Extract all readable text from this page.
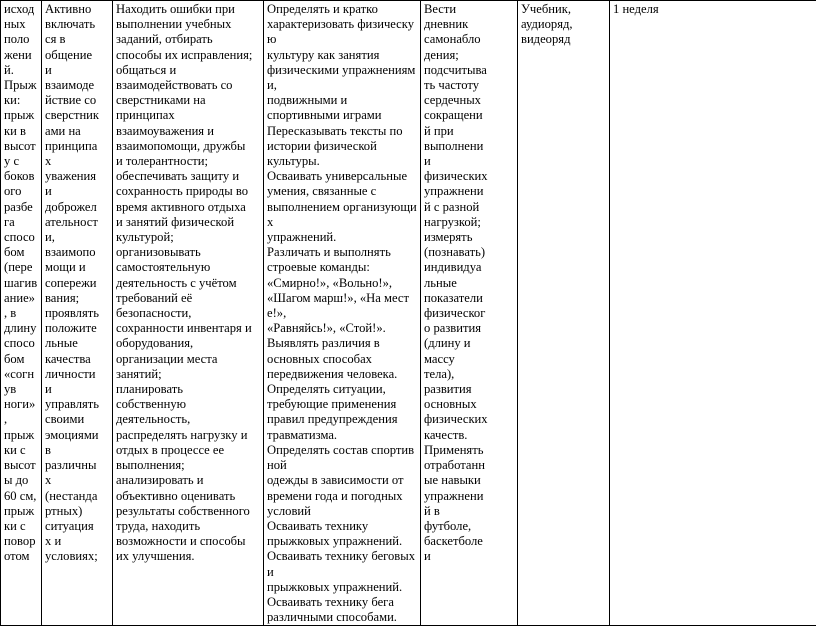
исход
ных
поло
жени
й.
Прыж
ки:
прыж
ки в
высот
у с
боков
ого
разбе
га
спосо
бом
(пере
шагив
ание»
, в
длину
спосо
бом
«согн
ув
ноги»
,
прыж
ки с
высот
ы до
60 см,
прыж
ки с
повор
отом

Активно
включать
ся в
общение
и
взаимоде
йствие со
сверстник
ами на
принципа
х
уважения
и
доброжел
ательност
и,
взаимопо
мощи и
сопережи
вания;
проявлять
положите
льные
качества
личности
и
управлять
своими
эмоциями
в
различны
х
(нестанда
ртных)
ситуация
х и
условиях;

Находить ошибки при
выполнении учебных
заданий, отбирать
способы их исправления;
общаться и
взаимодействовать со
сверстниками на
принципах
взаимоуважения и
взаимопомощи, дружбы
и толерантности;
обеспечивать защиту и
сохранность природы во
время активного отдыха
и занятий физической
культурой;
организовывать
самостоятельную
деятельность с учётом
требований её
безопасности,
сохранности инвентаря и
оборудования,
организации места
занятий;
планировать
собственную
деятельность,
распределять нагрузку и
отдых в процессе ее
выполнения;
анализировать и
объективно оценивать
результаты собственного
труда, находить
возможности и способы
их улучшения.

Определять и кратко
характеризовать физическую
культуру как занятия
физическими упражнениями,
подвижными и
спортивными играми
Пересказывать тексты по
истории физической
культуры.
Осваивать универсальные
умения, связанные с
выполнением организующих
упражнений.
Различать и выполнять
строевые команды:
«Смирно!», «Вольно!»,
«Шагом марш!», «На месте!»,
«Равняйсь!», «Стой!».
Выявлять различия в
основных способах
передвижения человека.
Определять ситуации,
требующие применения
правил предупреждения
травматизма.
Определять состав спортивной
одежды в зависимости от
времени года и погодных
условий
Осваивать технику
прыжковых упражнений.
Осваивать технику беговых и
прыжковых упражнений.
Осваивать технику бега
различными способами.

Вести
дневник
самонабло
дения;
подсчитыва
ть частоту
сердечных
сокращени
й при
выполнени
и
физических
упражнени
й с разной
нагрузкой;
измерять
(познавать)
индивидуа
льные
показатели
физическог
о развития
(длину и
массу
тела),
развития
основных
физических
качеств.
Применять
отработанн
ые навыки
упражнени
й в
футболе,
баскетболе
и

Учебник,
аудиоряд,
видеоряд

1 неделя
